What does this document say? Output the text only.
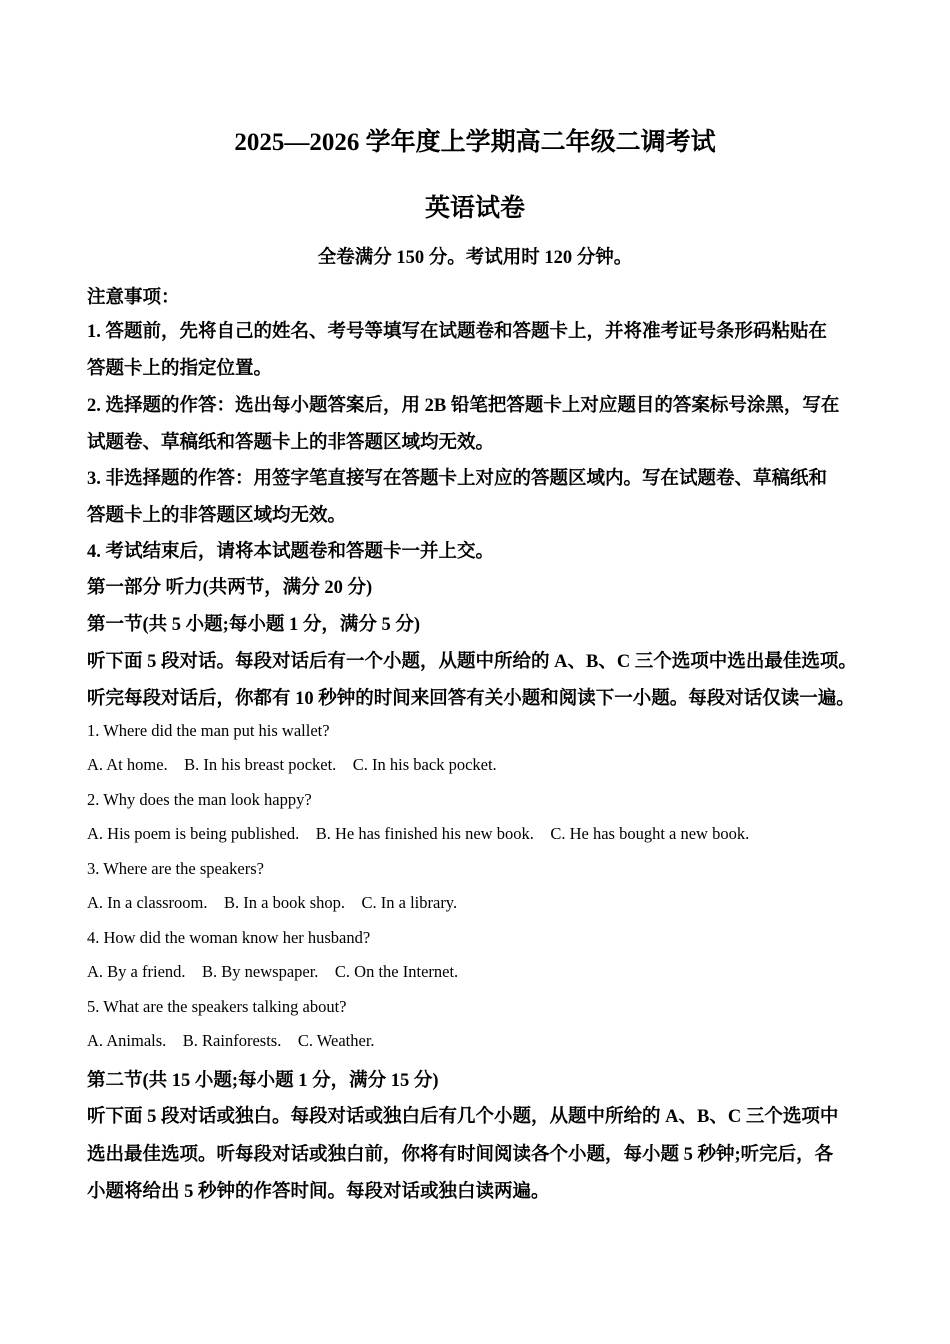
2025—2026 学年度上学期高二年级二调考试
英语试卷
全卷满分 150 分。考试用时 120 分钟。
注意事项：
1. 答题前，先将自己的姓名、考号等填写在试题卷和答题卡上，并将准考证号条形码粘贴在
答题卡上的指定位置。
2. 选择题的作答：选出每小题答案后，用 2B 铅笔把答题卡上对应题目的答案标号涂黑，写在
试题卷、草稿纸和答题卡上的非答题区域均无效。
3. 非选择题的作答：用签字笔直接写在答题卡上对应的答题区域内。写在试题卷、草稿纸和
答题卡上的非答题区域均无效。
4. 考试结束后，请将本试题卷和答题卡一并上交。
第一部分 听力(共两节，满分 20 分)
第一节(共 5 小题;每小题 1 分，满分 5 分)
听下面 5 段对话。每段对话后有一个小题，从题中所给的 A、B、C 三个选项中选出最佳选项。
听完每段对话后，你都有 10 秒钟的时间来回答有关小题和阅读下一小题。每段对话仅读一遍。
1. Where did the man put his wallet?
A. At home.    B. In his breast pocket.    C. In his back pocket.
2. Why does the man look happy?
A. His poem is being published.    B. He has finished his new book.    C. He has bought a new book.
3. Where are the speakers?
A. In a classroom.    B. In a book shop.    C. In a library.
4. How did the woman know her husband?
A. By a friend.    B. By newspaper.    C. On the Internet.
5. What are the speakers talking about?
A. Animals.    B. Rainforests.    C. Weather.
第二节(共 15 小题;每小题 1 分，满分 15 分)
听下面 5 段对话或独白。每段对话或独白后有几个小题，从题中所给的 A、B、C 三个选项中
选出最佳选项。听每段对话或独白前，你将有时间阅读各个小题，每小题 5 秒钟;听完后，各
小题将给出 5 秒钟的作答时间。每段对话或独白读两遍。
